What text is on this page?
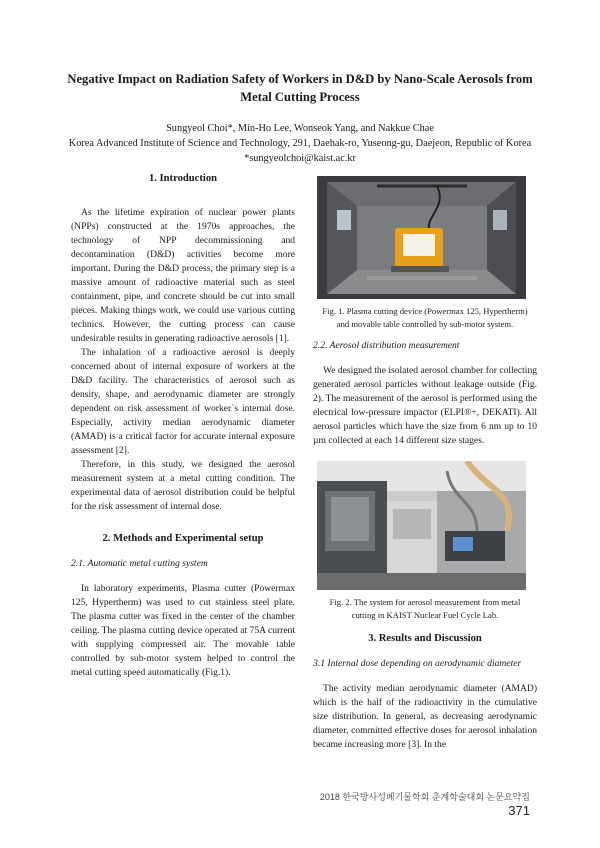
Negative Impact on Radiation Safety of Workers in D&D by Nano-Scale Aerosols from
Metal Cutting Process
Sungyeol Choi*, Min-Ho Lee, Wonseok Yang, and Nakkue Chae
Korea Advanced Institute of Science and Technology, 291, Daehak-ro, Yuseong-gu, Daejeon, Republic of Korea
*sungyeolchoi@kaist.ac.kr
1. Introduction

As the lifetime expiration of nuclear power plants (NPPs) constructed at the 1970s approaches, the technology of NPP decommissioning and decontamination (D&D) activities become more important. During the D&D process, the primary step is a massive amount of radioactive material such as steel containment, pipe, and concrete should be cut into small pieces. Making things work, we could use various cutting technics. However, the cutting process can cause undesirable results in generating radioactive aerosols [1].

The inhalation of a radioactive aerosol is deeply concerned about of internal exposure of workers at the D&D facility. The characteristics of aerosol such as density, shape, and aerodynamic diameter are strongly dependent on risk assessment of worker`s internal dose. Especially, activity median aerodynamic diameter (AMAD) is a critical factor for accurate internal exposure assessment [2].

Therefore, in this study, we designed the aerosol measurement system at a metal cutting condition. The experimental data of aerosol distribution could be helpful for the risk assessment of internal dose.

2. Methods and Experimental setup
2.1. Automatic metal cutting system

In laboratory experiments, Plasma cutter (Powermax 125, Hypertherm) was used to cut stainless steel plate. The plasma cutter was fixed in the center of the chamber ceiling. The plasma cutting device operated at 75A current with supplying compressed air. The movable table controlled by sub-motor system helped to control the metal cutting speed automatically (Fig.1).

Fig. 1. Plasma cutting device (Powermax 125, Hypertherm)
and movable table controlled by sub-motor system.
2.2. Aerosol distribution measurement

We designed the isolated aerosol chamber for collecting generated aerosol particles without leakage outside (Fig. 2). The measurement of the aerosol is performed using the electrical low-pressure impactor (ELPI®+, DEKATI). All aerosol particles which have the size from 6 nm up to 10 µm collected at each 14 different size stages.

Fig. 2. The system for aerosol measurement from metal
cutting in KAIST Nuclear Fuel Cycle Lab.
3. Results and Discussion
3.1 Internal dose depending on aerodynamic diameter

The activity median aerodynamic diameter (AMAD) which is the half of the radioactivity in the cumulative size distribution. In general, as decreasing aerodynamic diameter, committed effective doses for aerosol inhalation became increasing more [3]. In the

2018 한국방사성폐기물학회 춘계학술대회 논문요약집371
